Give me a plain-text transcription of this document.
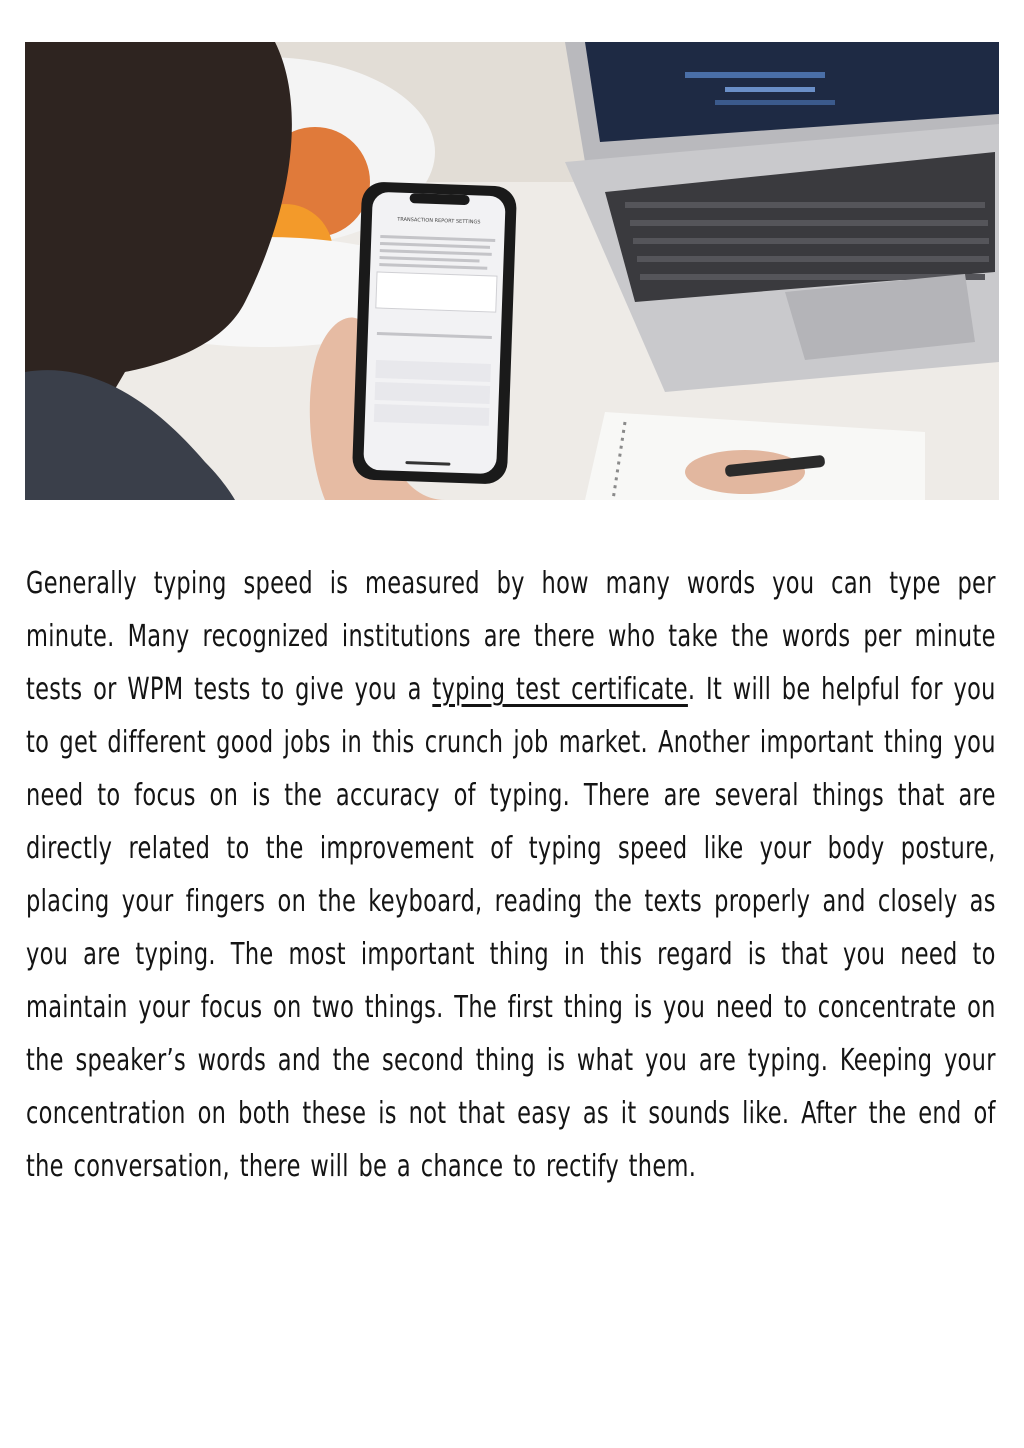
TRANSACTION REPORT SETTINGS
Generally typing speed is measured by how many words you can type per minute. Many recognized institutions are there who take the words per minute tests or WPM tests to give you a typing test certificate. It will be helpful for you to get different good jobs in this crunch job market. Another important thing you need to focus on is the accuracy of typing. There are several things that are directly related to the improvement of typing speed like your body posture, placing your fingers on the keyboard, reading the texts properly and closely as you are typing. The most important thing in this regard is that you need to maintain your focus on two things. The first thing is you need to concentrate on the speaker’s words and the second thing is what you are typing. Keeping your concentration on both these is not that easy as it sounds like. After the end of the conversation, there will be a chance to rectify them.
